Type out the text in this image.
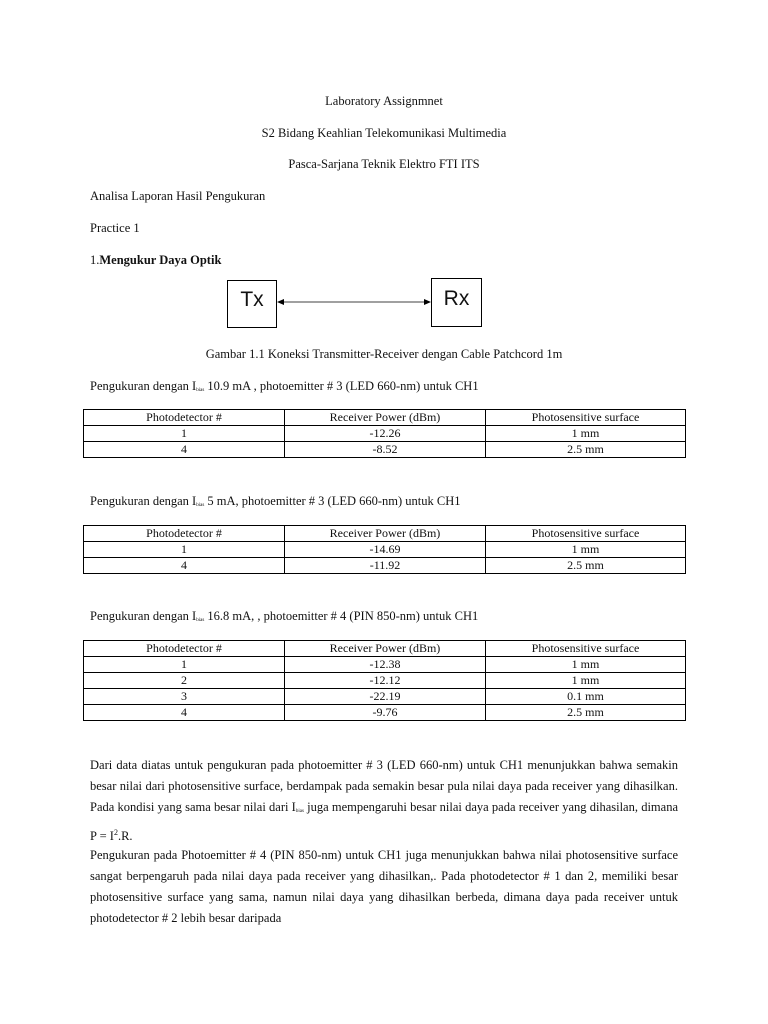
Laboratory Assignmnet
S2 Bidang Keahlian Telekomunikasi Multimedia
Pasca-Sarjana Teknik Elektro FTI ITS
Analisa Laporan Hasil Pengukuran
Practice 1
1.Mengukur Daya Optik
Tx	Rx
Gambar 1.1 Koneksi Transmitter-Receiver dengan Cable Patchcord 1m
Pengukuran dengan $I_{bias}$ 10.9 mA , photoemitter # 3 (LED 660-nm) untuk CH1
Photodetector #	Receiver Power (dBm)	Photosensitive surface
1	-12.26	1 mm
4	-8.52	2.5 mm
Pengukuran dengan $I_{bias}$ 5 mA, photoemitter # 3 (LED 660-nm) untuk CH1
Photodetector #	Receiver Power (dBm)	Photosensitive surface
1	-14.69	1 mm
4	-11.92	2.5 mm
Pengukuran dengan $I_{bias}$ 16.8 mA, , photoemitter # 4 (PIN 850-nm) untuk CH1
Photodetector #	Receiver Power (dBm)	Photosensitive surface
1	-12.38	1 mm
2	-12.12	1 mm
3	-22.19	0.1 mm
4	-9.76	2.5 mm

Dari data diatas untuk pengukuran pada photoemitter # 3 (LED 660-nm) untuk CH1 menunjukkan bahwa semakin besar nilai dari photosensitive surface, berdampak pada semakin besar pula nilai daya pada receiver yang dihasilkan. Pada kondisi yang sama besar nilai dari $I_{bias}$ juga mempengaruhi besar nilai daya pada receiver yang dihasilan, dimana $P = I^2.R$.

Pengukuran pada Photoemitter # 4 (PIN 850-nm) untuk CH1 juga menunjukkan bahwa nilai photosensitive surface sangat berpengaruh pada nilai daya pada receiver yang dihasilkan,. Pada photodetector # 1 dan 2, memiliki besar photosensitive surface yang sama, namun nilai daya yang dihasilkan berbeda, dimana daya pada receiver untuk photodetector # 2 lebih besar daripada
